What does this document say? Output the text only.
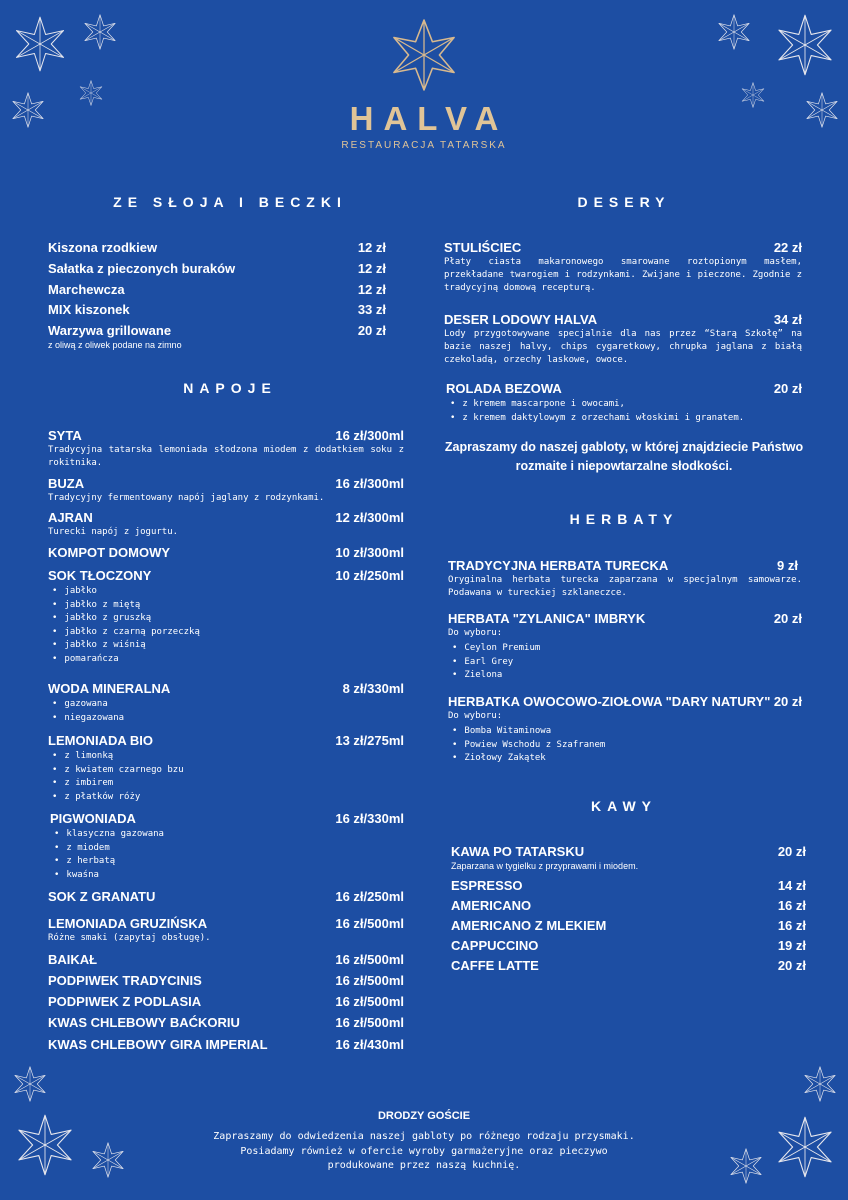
HALVA
RESTAURACJA TATARSKA
ZE SŁOJA I BECZKI
Kiszona rzodkiew	12 zł
Sałatka z pieczonych buraków	12 zł
Marchewcza	12 zł
MIX kiszonek	33 zł
Warzywa grillowane	20 zł
z oliwą z oliwek podane na zimno
NAPOJE
SYTA	16 zł/300ml
Tradycyjna tatarska lemoniada słodzona miodem z dodatkiem soku z rokitnika.
BUZA	16 zł/300ml
Tradycyjny fermentowany napój jaglany z rodzynkami.
AJRAN	12 zł/300ml
Turecki napój z jogurtu.
KOMPOT DOMOWY	10 zł/300ml
SOK TŁOCZONY	10 zł/250ml
• jabłko
• jabłko z miętą
• jabłko z gruszką
• jabłko z czarną porzeczką
• jabłko z wiśnią
• pomarańcza
WODA MINERALNA	8 zł/330ml
• gazowana
• niegazowana
LEMONIADA BIO	13 zł/275ml
• z limonką
• z kwiatem czarnego bzu
• z imbirem
• z płatków róży
PIGWONIADA	16 zł/330ml
• klasyczna gazowana
• z miodem
• z herbatą
• kwaśna
SOK Z GRANATU	16 zł/250ml
LEMONIADA GRUZIŃSKA	16 zł/500ml
Różne smaki (zapytaj obsługę).
BAIKAŁ	16 zł/500ml
PODPIWEK TRADYCINIS	16 zł/500ml
PODPIWEK Z PODLASIA	16 zł/500ml
KWAS CHLEBOWY BAĆKORIU	16 zł/500ml
KWAS CHLEBOWY GIRA IMPERIAL	16 zł/430ml
DESERY
STULIŚCIEC	22 zł
Płaty ciasta makaronowego smarowane roztopionym masłem, przekładane twarogiem i rodzynkami. Zwijane i pieczone. Zgodnie z tradycyjną domową recepturą.
DESER LODOWY HALVA	34 zł
Lody przygotowywane specjalnie dla nas przez “Starą Szkołę” na bazie naszej halvy, chips cygaretkowy, chrupka jaglana z białą czekoladą, orzechy laskowe, owoce.
ROLADA BEZOWA	20 zł
• z kremem mascarpone i owocami,
• z kremem daktylowym z orzechami włoskimi i granatem.
Zapraszamy do naszej gabloty, w której znajdziecie Państwo rozmaite i niepowtarzalne słodkości.
HERBATY
TRADYCYJNA HERBATA TURECKA	9 zł
Oryginalna herbata turecka zaparzana w specjalnym samowarze. Podawana w tureckiej szklaneczce.
HERBATA "ZYLANICA" IMBRYK	20 zł
Do wyboru:
• Ceylon Premium
• Earl Grey
• Zielona
HERBATKA OWOCOWO-ZIOŁOWA "DARY NATURY" 20 zł
Do wyboru:
• Bomba Witaminowa
• Powiew Wschodu z Szafranem
• Ziołowy Zakątek
KAWY
KAWA PO TATARSKU	20 zł
Zaparzana w tygielku z przyprawami i miodem.
ESPRESSO	14 zł
AMERICANO	16 zł
AMERICANO Z MLEKIEM	16 zł
CAPPUCCINO	19 zł
CAFFE LATTE	20 zł
DRODZY GOŚCIE
Zapraszamy do odwiedzenia naszej gabloty po różnego rodzaju przysmaki.
Posiadamy również w ofercie wyroby garmażeryjne oraz pieczywo
produkowane przez naszą kuchnię.
